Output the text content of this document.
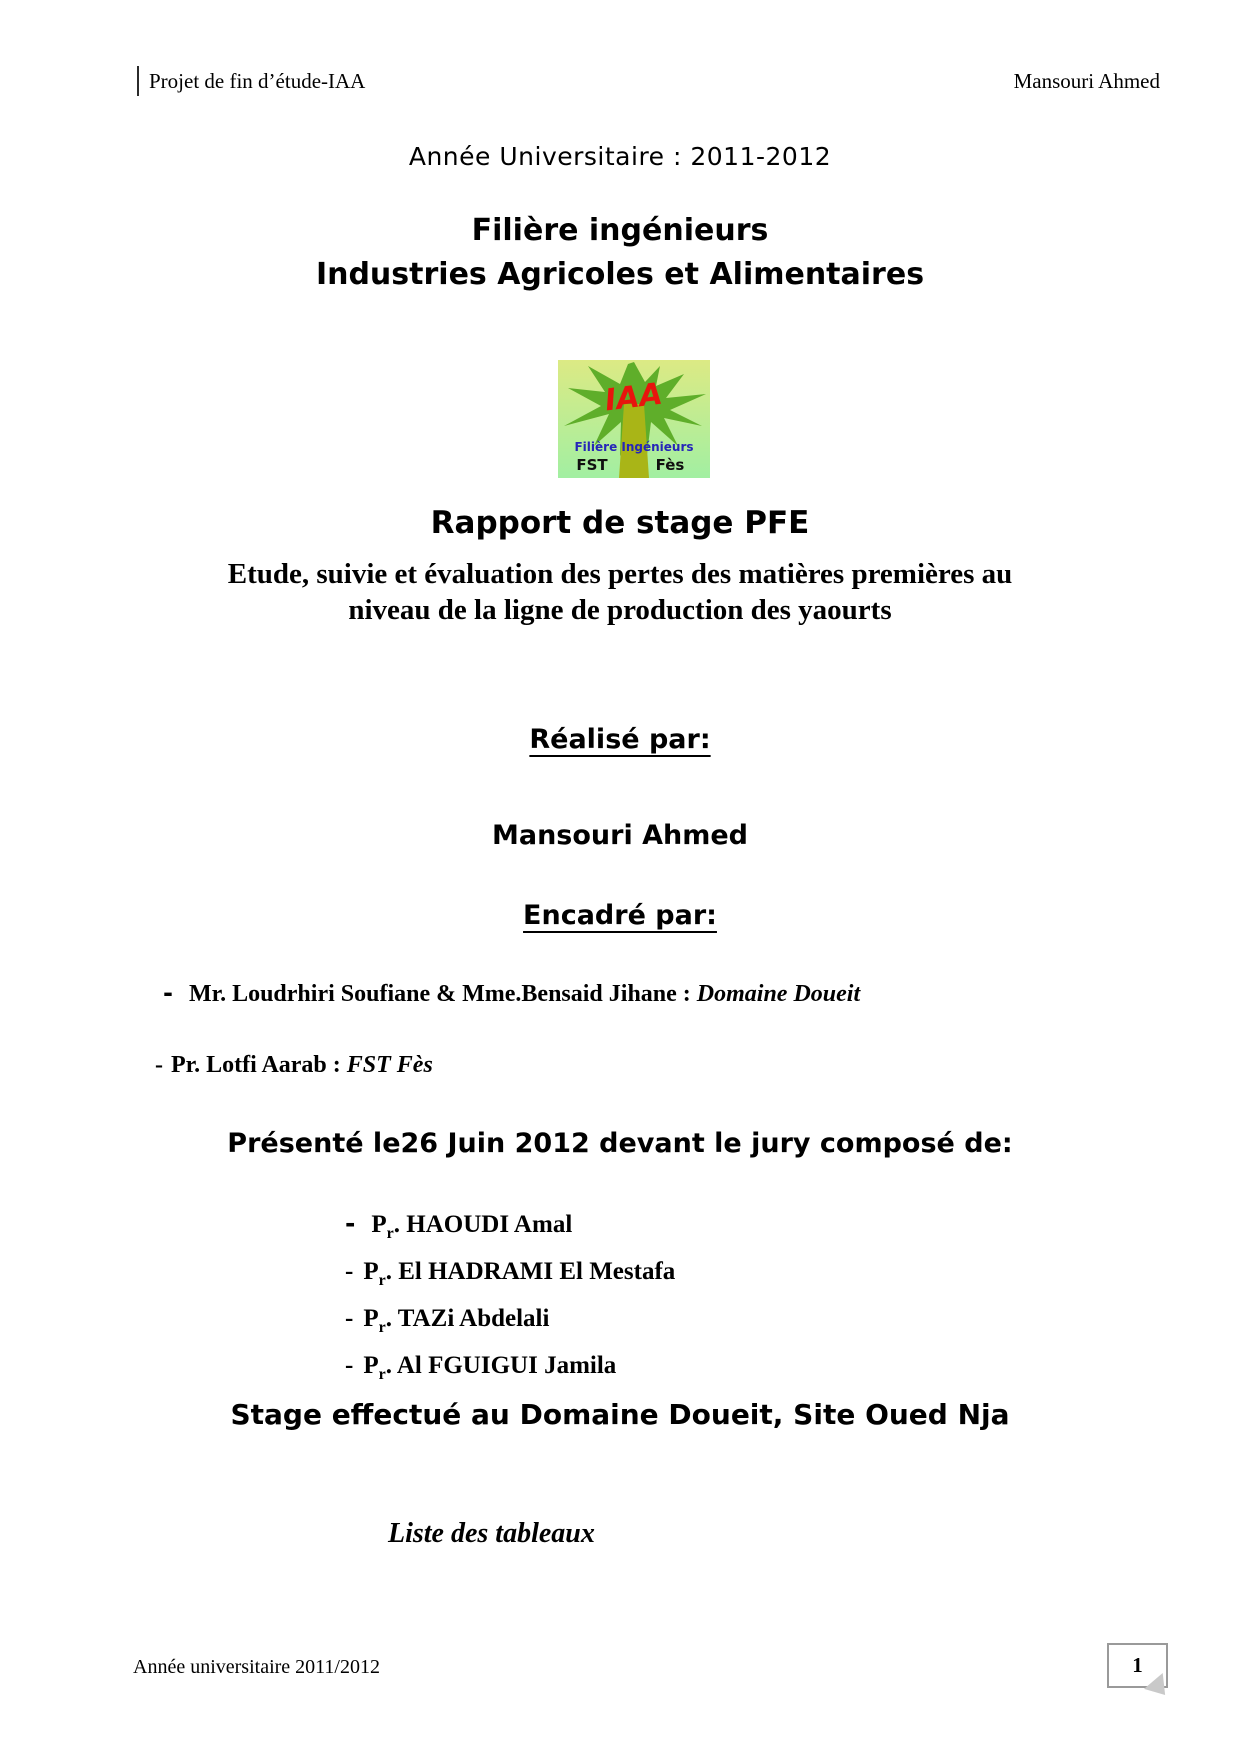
Projet de fin d’étude-IAA	Mansouri Ahmed
Année Universitaire : 2011-2012
Filière ingénieurs
Industries Agricoles et Alimentaires
IAA
Filière Ingénieurs
FST	Fès
Rapport de stage PFE
Etude, suivie et évaluation des pertes des matières premières au
niveau de la ligne de production des yaourts
Réalisé par:
Mansouri Ahmed
Encadré par:
- Mr. Loudrhiri Soufiane & Mme.Bensaid Jihane : Domaine Doueit
- Pr. Lotfi Aarab : FST Fès
Présenté le26 Juin 2012 devant le jury composé de:
- $P_r$. HAOUDI Amal
- $P_r$. El HADRAMI El Mestafa
- $P_r$. TAZi Abdelali
- $P_r$. Al FGUIGUI Jamila
Stage effectué au Domaine Doueit, Site Oued Nja
Liste des tableaux
Année universitaire 2011/2012	1
